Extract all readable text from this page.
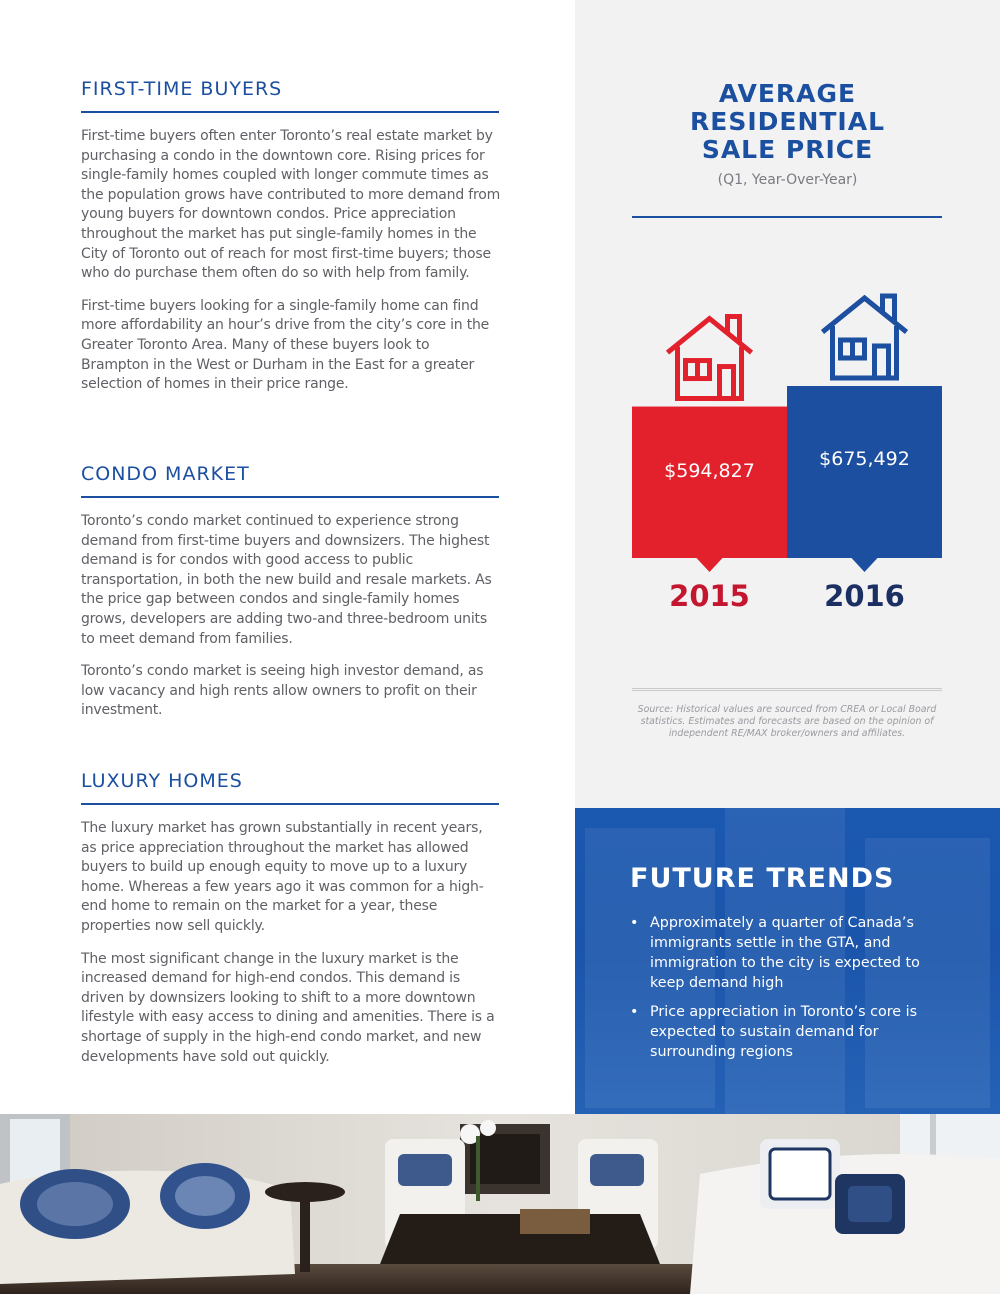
FIRST-TIME BUYERS

First-time buyers often enter Toronto’s real estate market by purchasing a condo in the downtown core. Rising prices for single-family homes coupled with longer commute times as the population grows have contributed to more demand from young buyers for downtown condos. Price appreciation throughout the market has put single-family homes in the City of Toronto out of reach for most first-time buyers; those who do purchase them often do so with help from family.

First-time buyers looking for a single-family home can find more affordability an hour’s drive from the city’s core in the Greater Toronto Area. Many of these buyers look to Brampton in the West or Durham in the East for a greater selection of homes in their price range.

CONDO MARKET

Toronto’s condo market continued to experience strong demand from first-time buyers and downsizers. The highest demand is for condos with good access to public transportation, in both the new build and resale markets. As the price gap between condos and single-family homes grows, developers are adding two-and three-bedroom units to meet demand from families.

Toronto’s condo market is seeing high investor demand, as low vacancy and high rents allow owners to profit on their investment.

LUXURY HOMES

The luxury market has grown substantially in recent years, as price appreciation throughout the market has allowed buyers to build up enough equity to move up to a luxury home. Whereas a few years ago it was common for a high-end home to remain on the market for a year, these properties now sell quickly.

The most significant change in the luxury market is the increased demand for high-end condos. This demand is driven by downsizers looking to shift to a more downtown lifestyle with easy access to dining and amenities. There is a shortage of supply in the high-end condo market, and new developments have sold out quickly.

AVERAGE
RESIDENTIAL
SALE PRICE
(Q1, Year-Over-Year)
$594,827
2015
$675,492
2016
Source: Historical values are sourced from CREA or Local Board statistics. Estimates and forecasts are based on the opinion of independent RE/MAX broker/owners and affiliates.
FUTURE TRENDS
• Approximately a quarter of Canada’s immigrants settle in the GTA, and immigration to the city is expected to keep demand high
• Price appreciation in Toronto’s core is expected to sustain demand for surrounding regions
